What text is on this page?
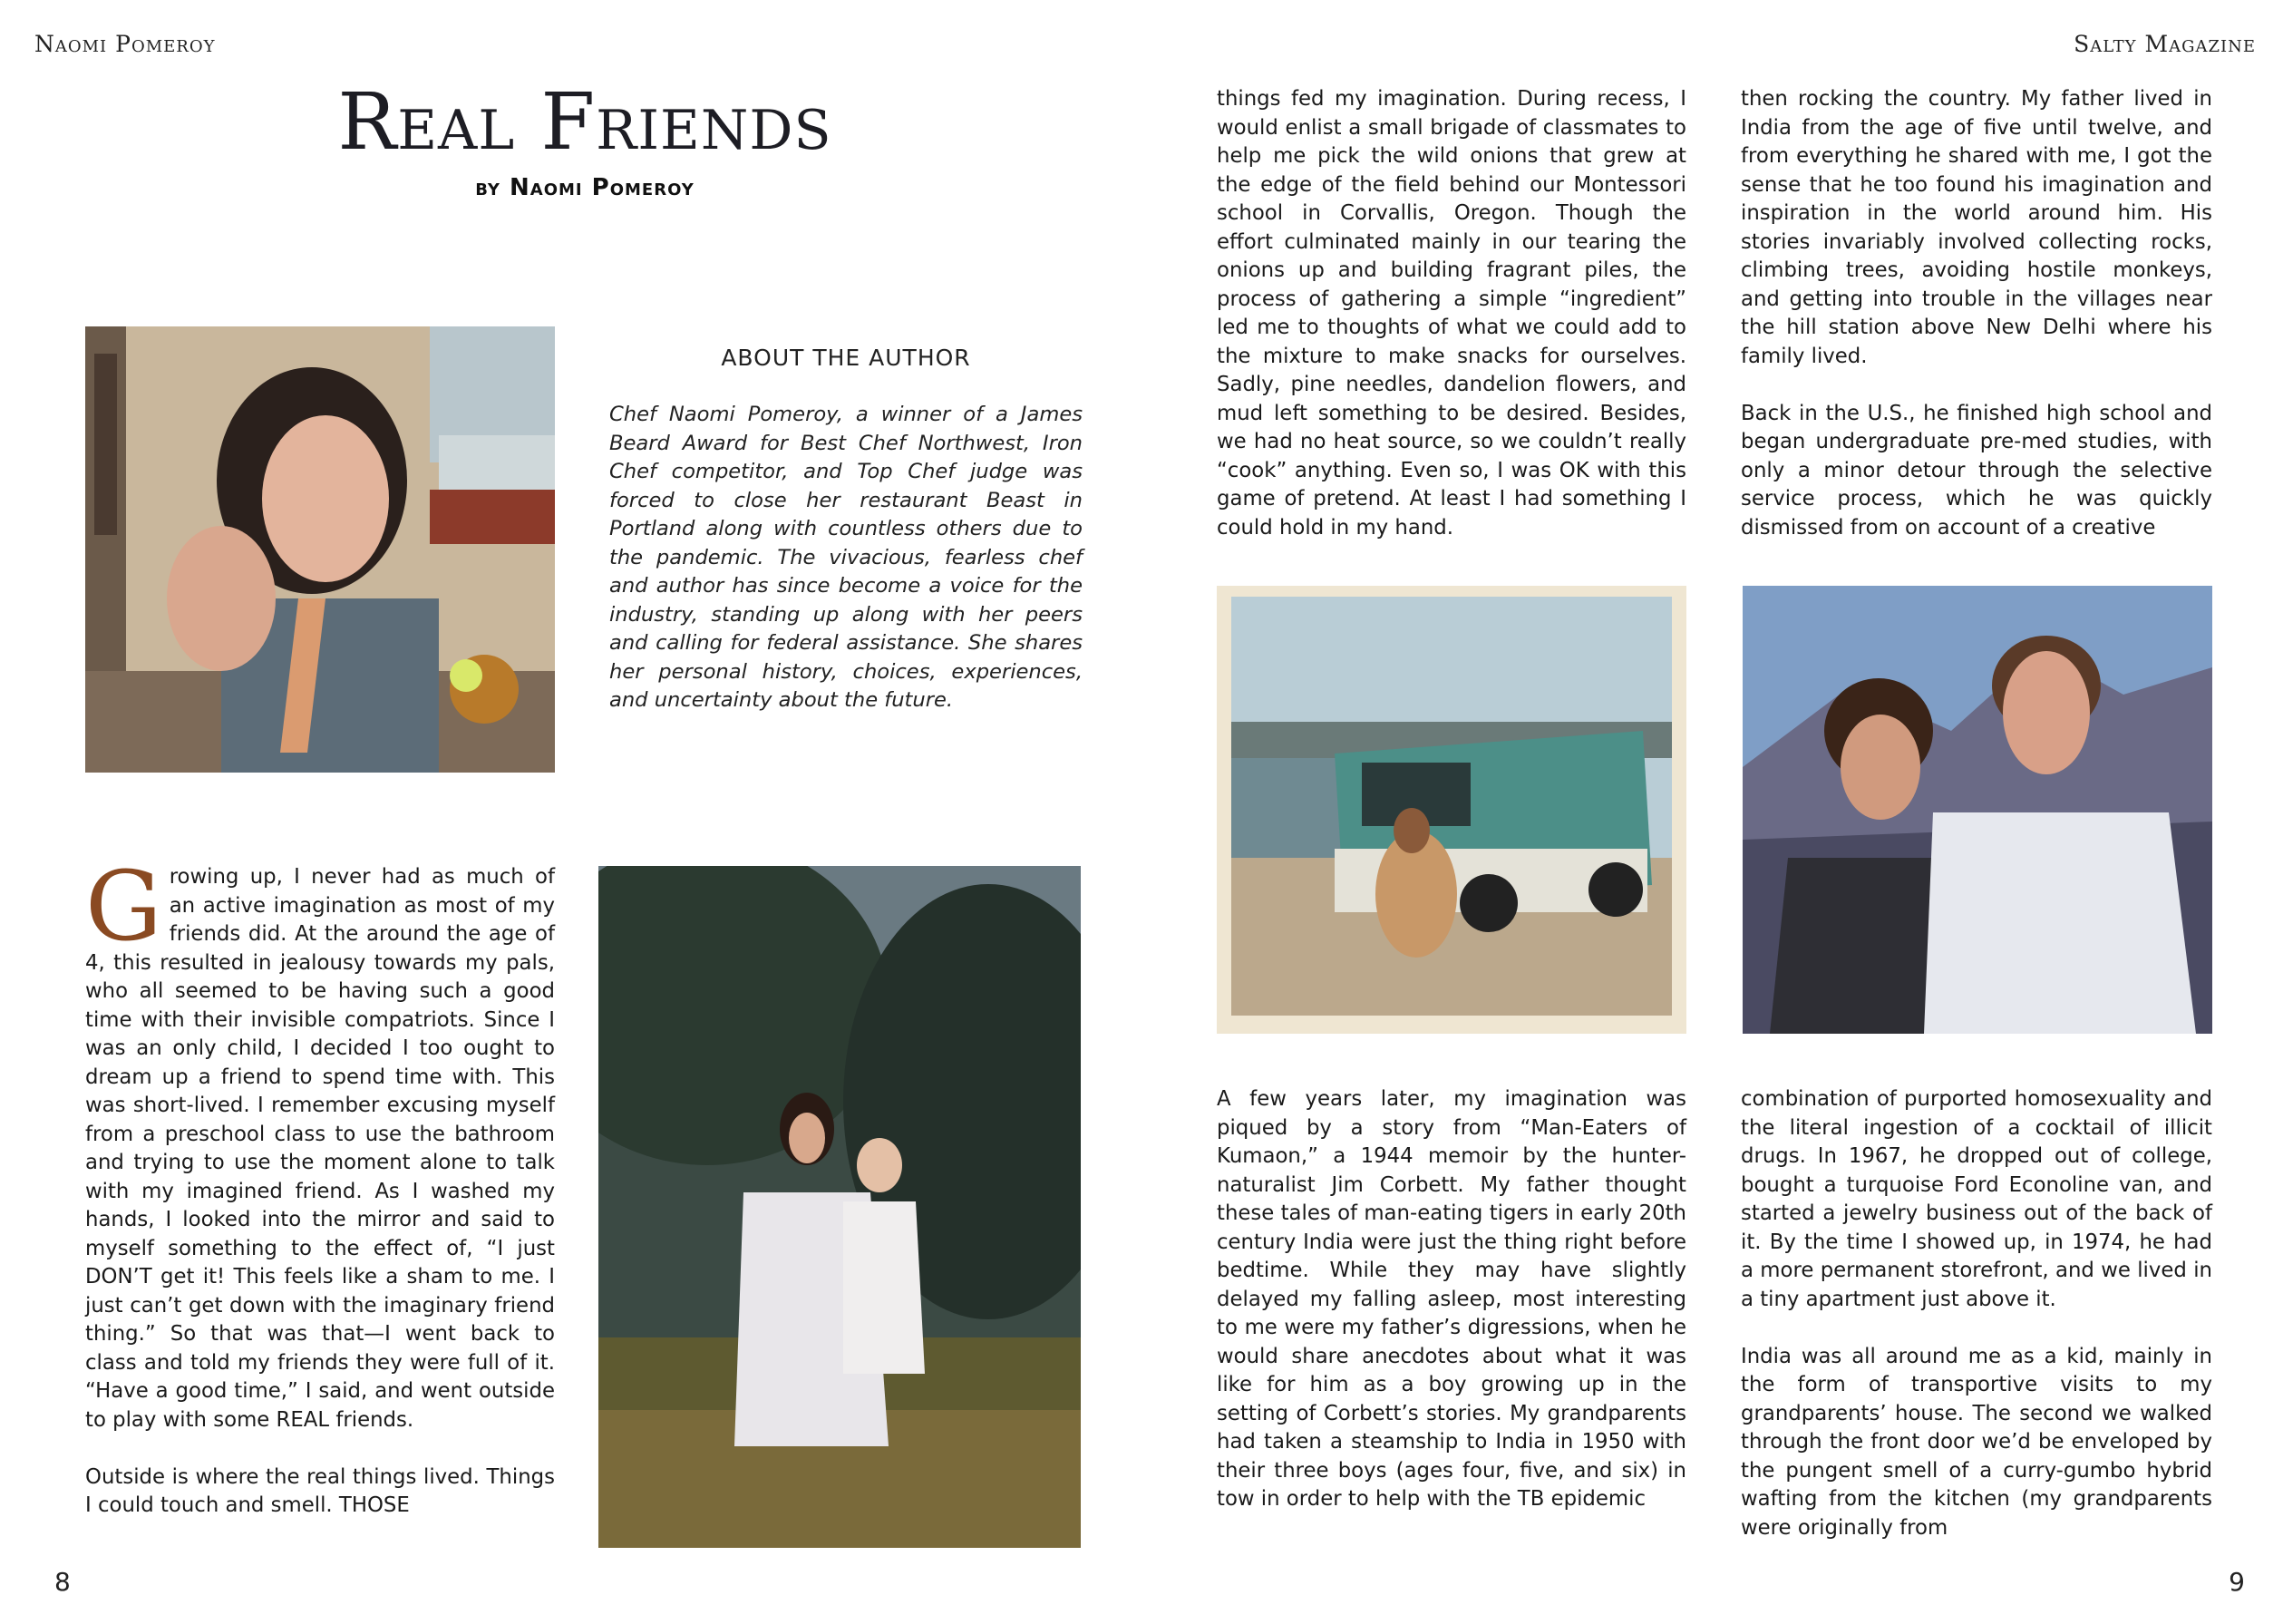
Naomi Pomeroy	Salty Magazine
Real Friends
by Naomi Pomeroy
ABOUT THE AUTHOR

Chef Naomi Pomeroy, a winner of a James Beard Award for Best Chef Northwest, Iron Chef competitor, and Top Chef judge was forced to close her restaurant Beast in Portland along with countless others due to the pandemic. The vivacious, fearless chef and author has since become a voice for the industry, standing up along with her peers and calling for federal assistance. She shares her personal history, choices, experiences, and uncertainty about the future.

Growing up, I never had as much of an active imagination as most of my friends did. At the around the age of 4, this resulted in jealousy towards my pals, who all seemed to be having such a good time with their invisible compatriots. Since I was an only child, I decided I too ought to dream up a friend to spend time with. This was short-lived. I remember excusing myself from a preschool class to use the bathroom and trying to use the moment alone to talk with my imagined friend. As I washed my hands, I looked into the mirror and said to myself something to the effect of, “I just DON’T get it! This feels like a sham to me. I just can’t get down with the imaginary friend thing.” So that was that—I went back to class and told my friends they were full of it. “Have a good time,” I said, and went outside to play with some REAL friends.

Outside is where the real things lived. Things I could touch and smell. THOSE

things fed my imagination. During recess, I would enlist a small brigade of classmates to help me pick the wild onions that grew at the edge of the field behind our Montessori school in Corvallis, Oregon. Though the effort culminated mainly in our tearing the onions up and building fragrant piles, the process of gathering a simple “ingredient” led me to thoughts of what we could add to the mixture to make snacks for ourselves. Sadly, pine needles, dandelion flowers, and mud left something to be desired. Besides, we had no heat source, so we couldn’t really “cook” anything. Even so, I was OK with this game of pretend. At least I had something I could hold in my hand.

then rocking the country. My father lived in India from the age of five until twelve, and from everything he shared with me, I got the sense that he too found his imagination and inspiration in the world around him. His stories invariably involved collecting rocks, climbing trees, avoiding hostile monkeys, and getting into trouble in the villages near the hill station above New Delhi where his family lived.

Back in the U.S., he finished high school and began undergraduate pre-med studies, with only a minor detour through the selective service process, which he was quickly dismissed from on account of a creative

A few years later, my imagination was piqued by a story from “Man-Eaters of Kumaon,” a 1944 memoir by the hunter-naturalist Jim Corbett. My father thought these tales of man-eating tigers in early 20th century India were just the thing right before bedtime. While they may have slightly delayed my falling asleep, most interesting to me were my father’s digressions, when he would share anecdotes about what it was like for him as a boy growing up in the setting of Corbett’s stories. My grandparents had taken a steamship to India in 1950 with their three boys (ages four, five, and six) in tow in order to help with the TB epidemic

combination of purported homosexuality and the literal ingestion of a cocktail of illicit drugs. In 1967, he dropped out of college, bought a turquoise Ford Econoline van, and started a jewelry business out of the back of it. By the time I showed up, in 1974, he had a more permanent storefront, and we lived in a tiny apartment just above it.

India was all around me as a kid, mainly in the form of transportive visits to my grandparents’ house. The second we walked through the front door we’d be enveloped by the pungent smell of a curry-gumbo hybrid wafting from the kitchen (my grandparents were originally from

8	9
